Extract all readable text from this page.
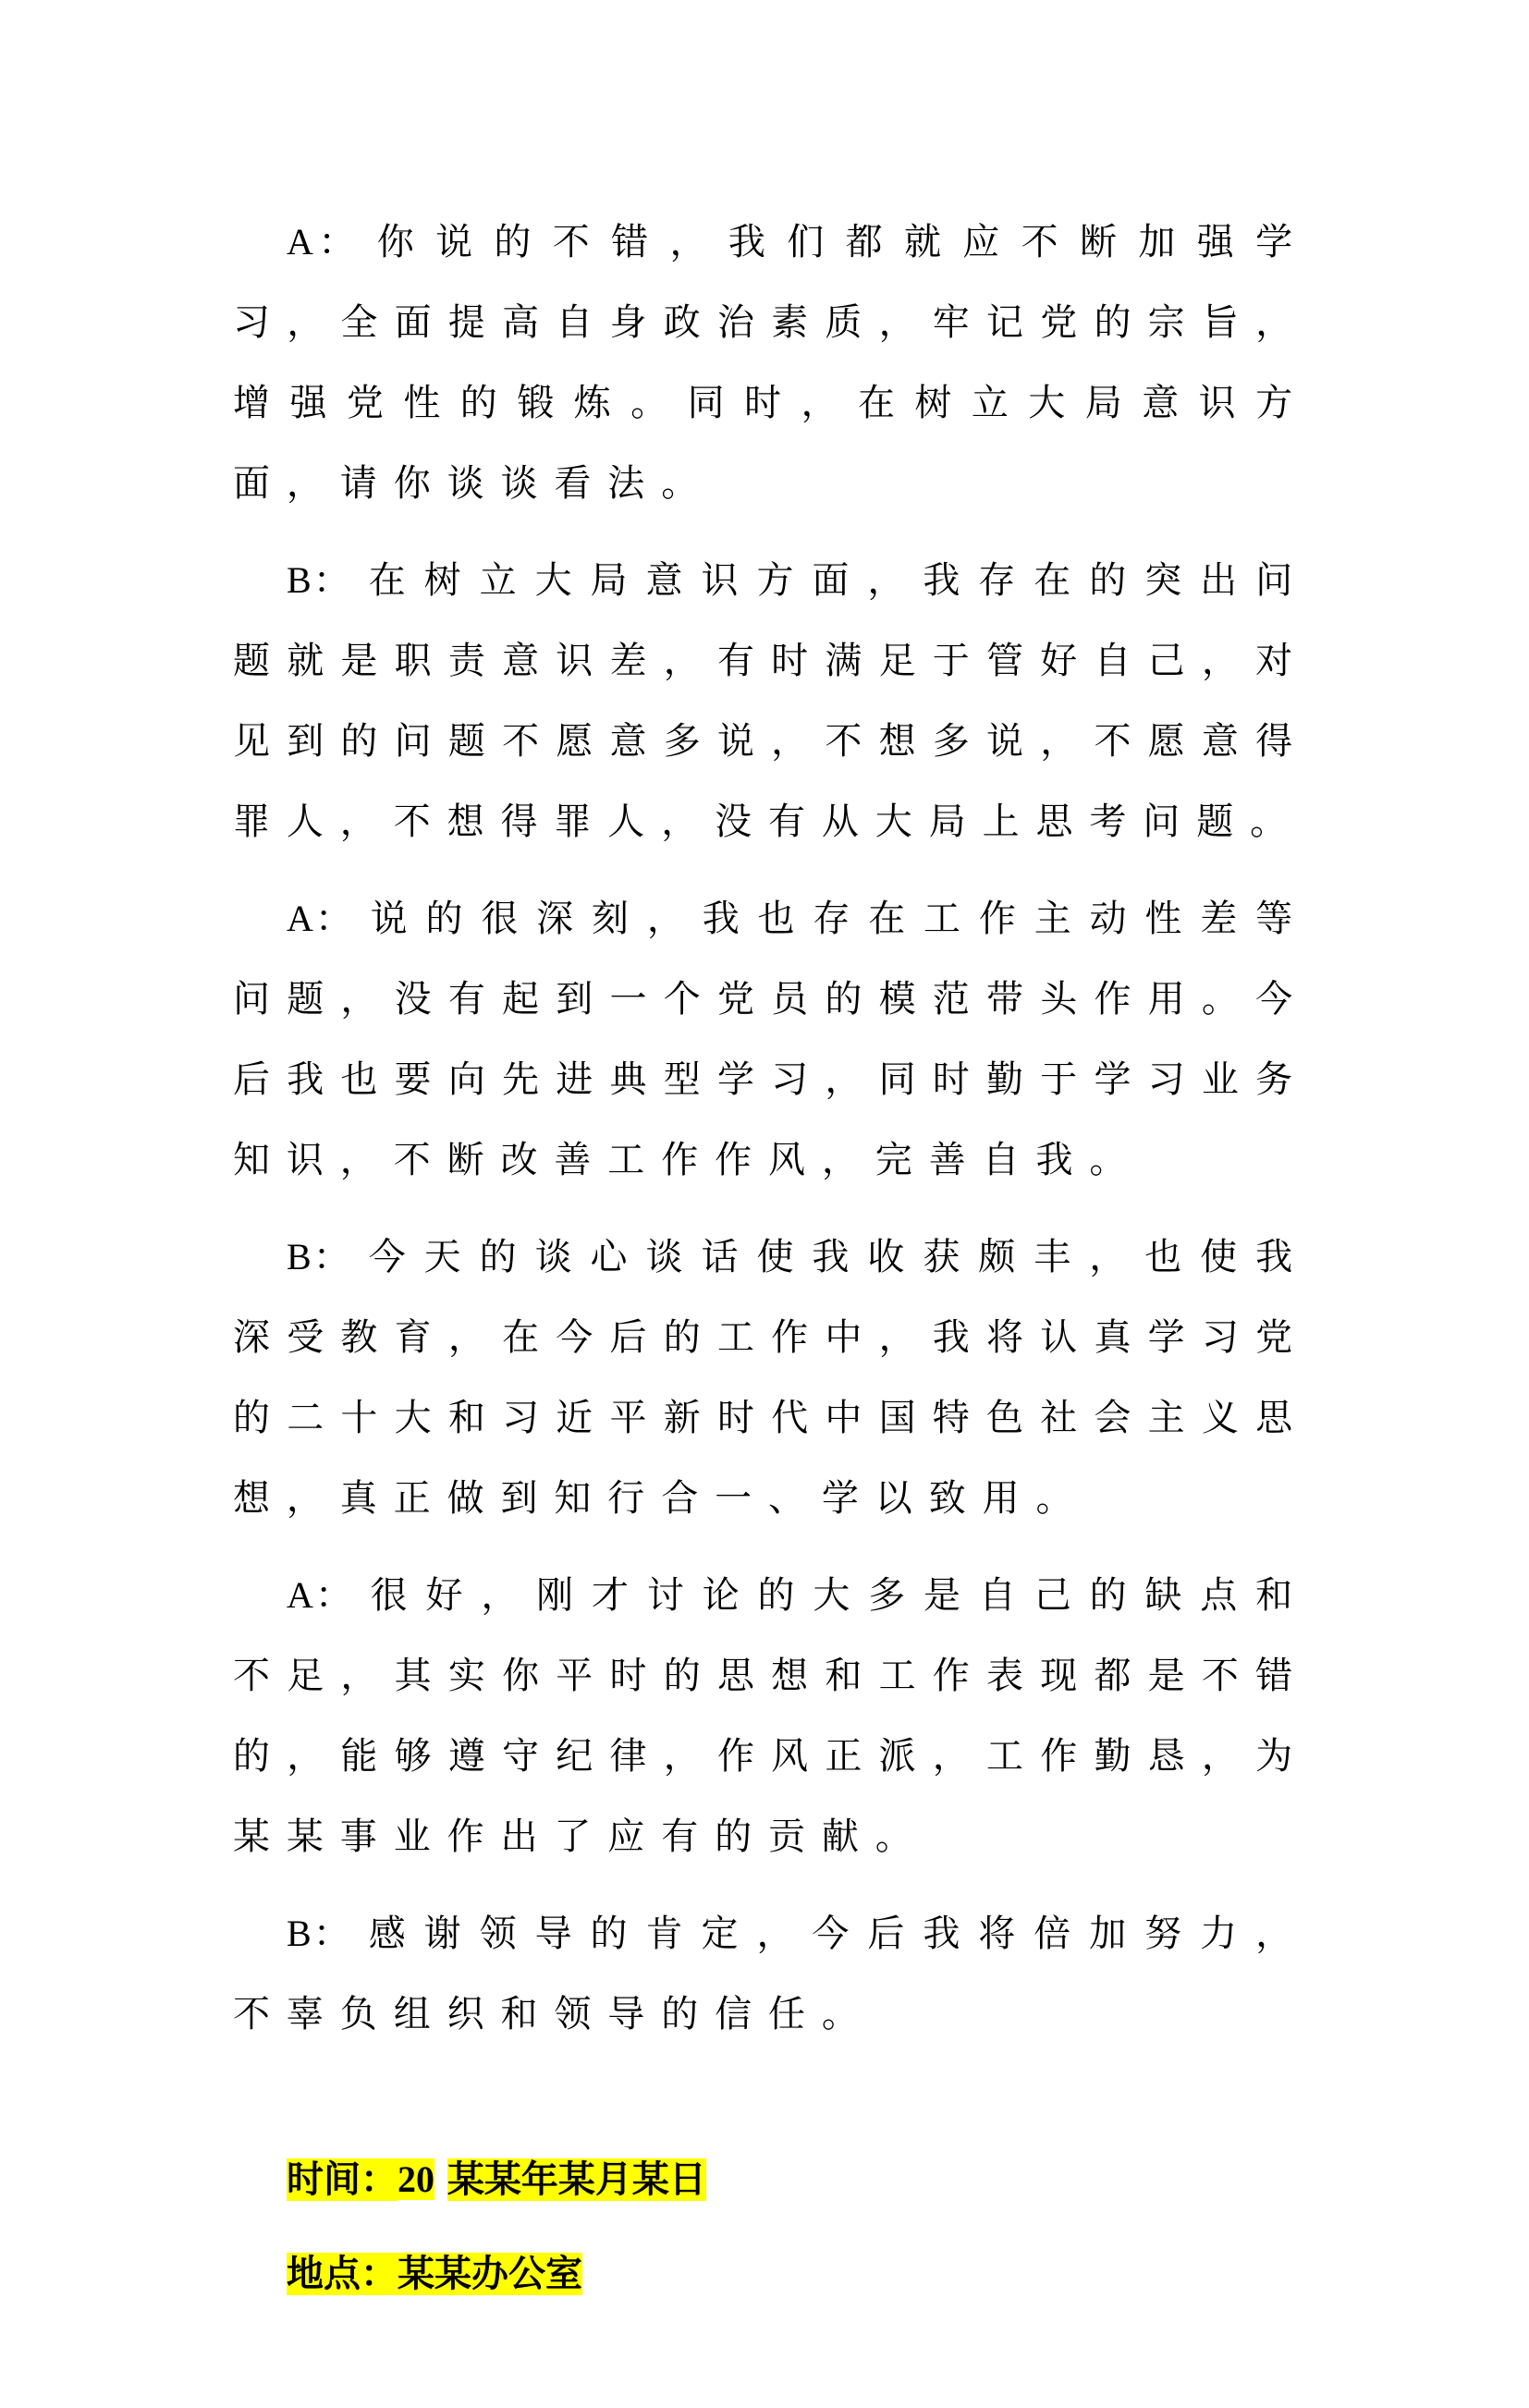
A：你说的不错，我们都就应不断加强学习，全面提高自身政治素质，牢记党的宗旨，增强党性的锻炼。同时，在树立大局意识方面，请你谈谈看法。

B：在树立大局意识方面，我存在的突出问题就是职责意识差，有时满足于管好自己，对见到的问题不愿意多说，不想多说，不愿意得罪人，不想得罪人，没有从大局上思考问题。

A：说的很深刻，我也存在工作主动性差等问题，没有起到一个党员的模范带头作用。今后我也要向先进典型学习，同时勤于学习业务知识，不断改善工作作风，完善自我。

B：今天的谈心谈话使我收获颇丰，也使我深受教育，在今后的工作中，我将认真学习党的二十大和习近平新时代中国特色社会主义思想，真正做到知行合一、学以致用。

A：很好，刚才讨论的大多是自己的缺点和不足，其实你平时的思想和工作表现都是不错的，能够遵守纪律，作风正派，工作勤恳，为某某事业作出了应有的贡献。

B：感谢领导的肯定，今后我将倍加努力，不辜负组织和领导的信任。

时间：20 某某年某月某日
地点：某某办公室
